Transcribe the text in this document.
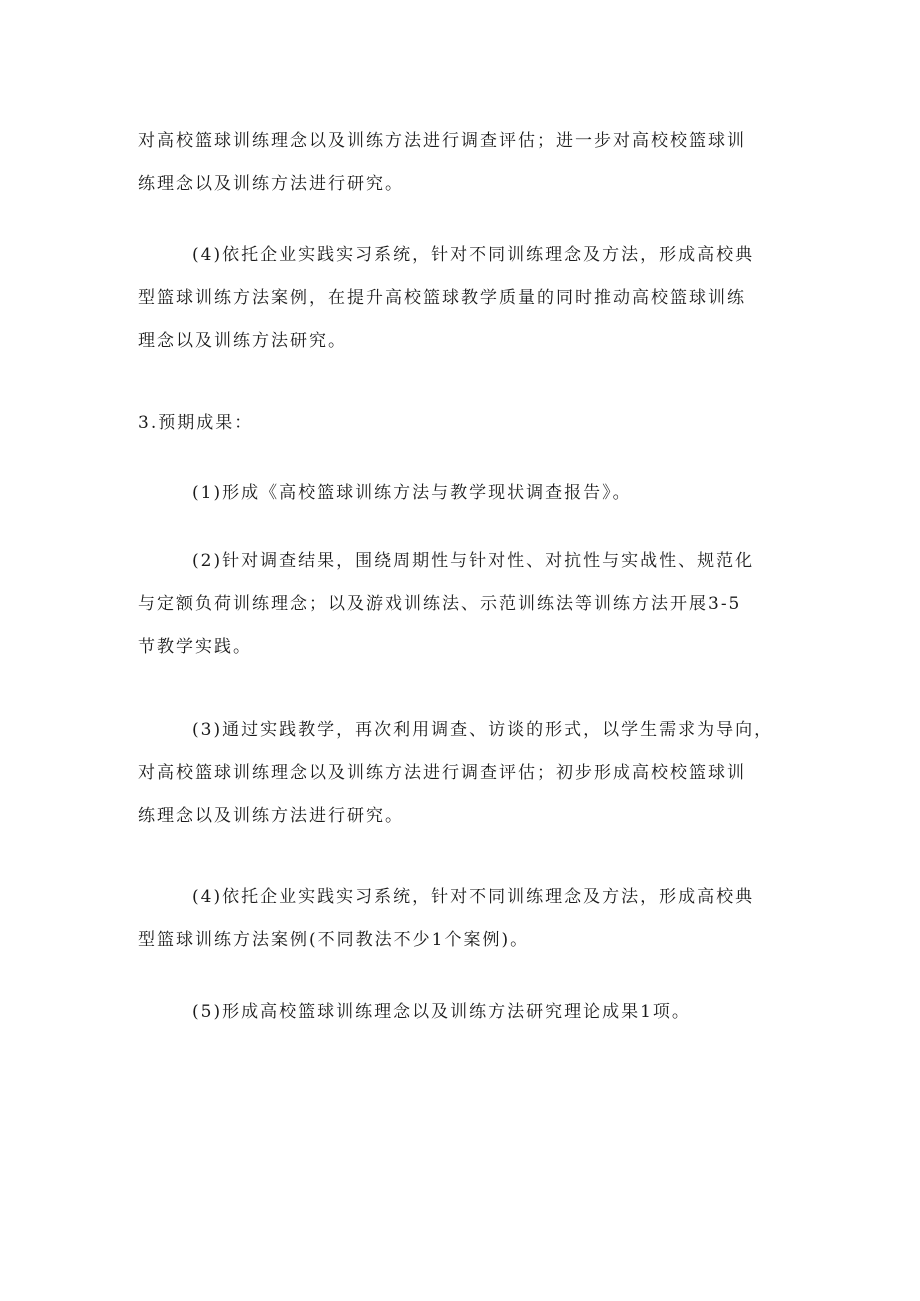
对高校篮球训练理念以及训练方法进行调查评估；进一步对高校校篮球训
练理念以及训练方法进行研究。
(4)依托企业实践实习系统，针对不同训练理念及方法，形成高校典
型篮球训练方法案例，在提升高校篮球教学质量的同时推动高校篮球训练
理念以及训练方法研究。
3.预期成果：
(1)形成《高校篮球训练方法与教学现状调查报告》。
(2)针对调查结果，围绕周期性与针对性、对抗性与实战性、规范化
与定额负荷训练理念；以及游戏训练法、示范训练法等训练方法开展3-5
节教学实践。
(3)通过实践教学，再次利用调查、访谈的形式，以学生需求为导向，
对高校篮球训练理念以及训练方法进行调查评估；初步形成高校校篮球训
练理念以及训练方法进行研究。
(4)依托企业实践实习系统，针对不同训练理念及方法，形成高校典
型篮球训练方法案例(不同教法不少1个案例)。
(5)形成高校篮球训练理念以及训练方法研究理论成果1项。
